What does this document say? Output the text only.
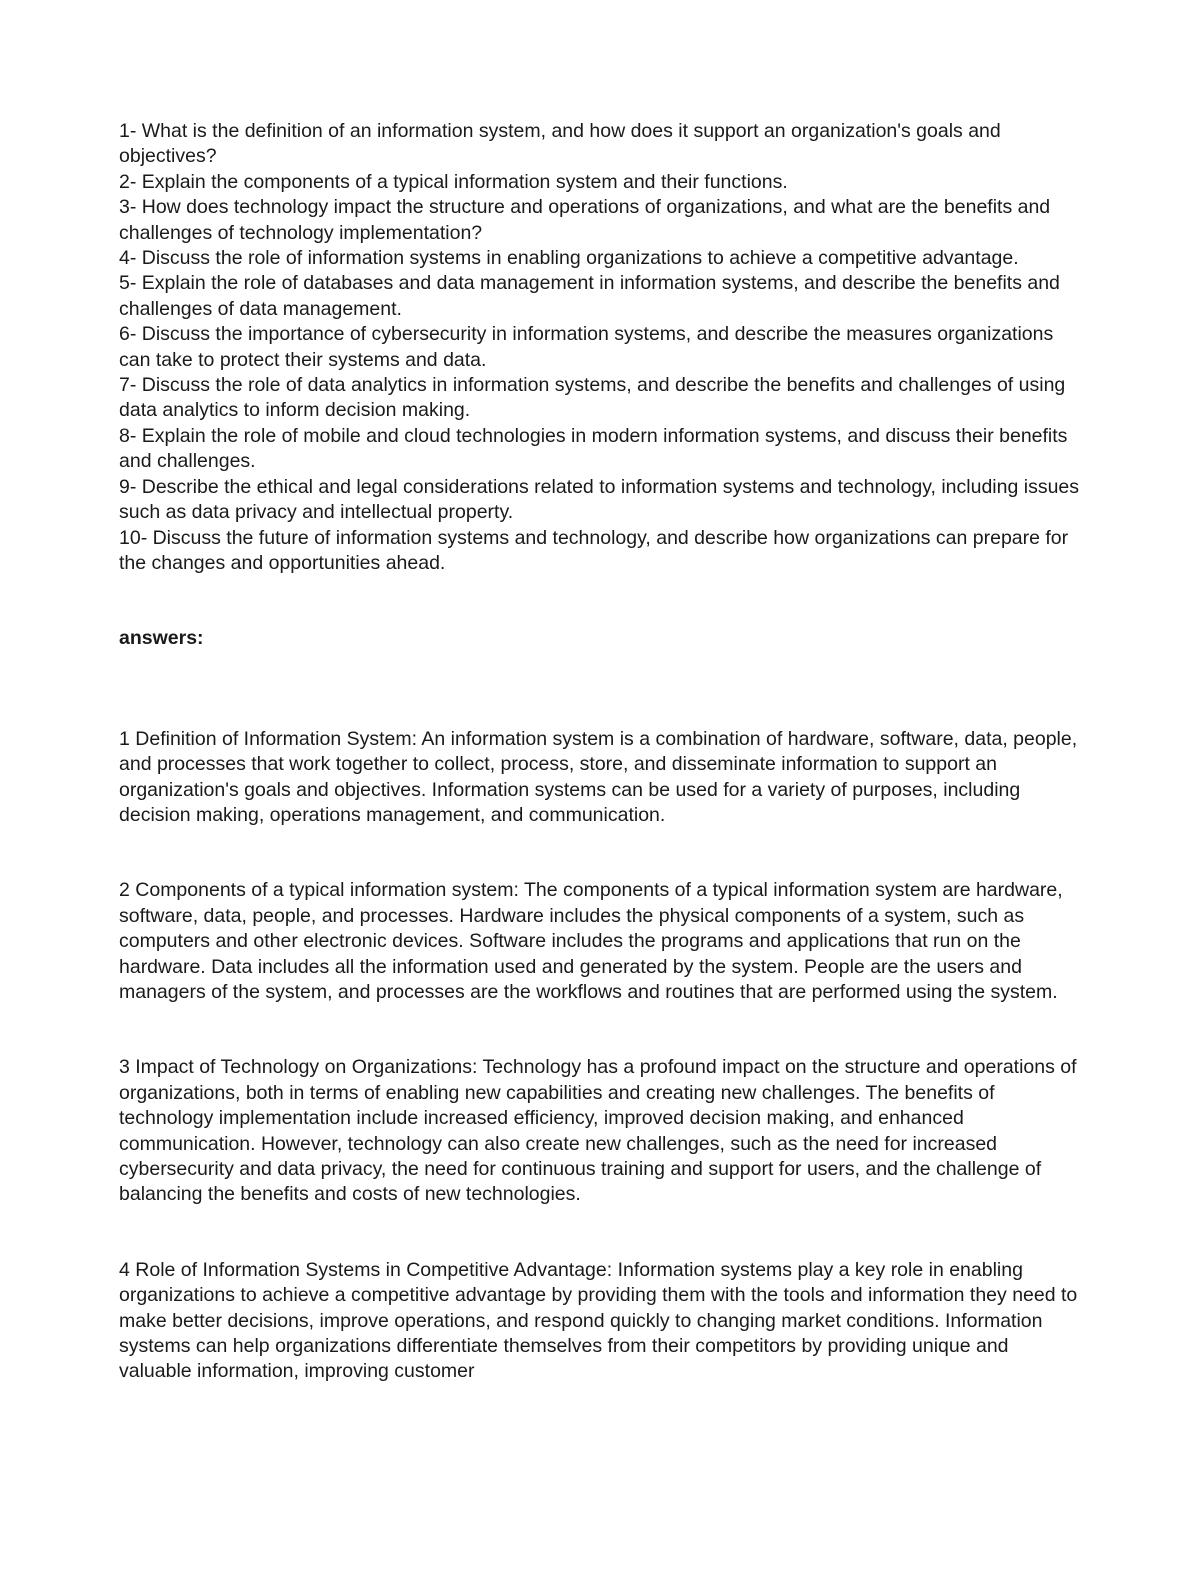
1- What is the definition of an information system, and how does it support an organization's goals and objectives?

2- Explain the components of a typical information system and their functions.

3- How does technology impact the structure and operations of organizations, and what are the benefits and challenges of technology implementation?

4- Discuss the role of information systems in enabling organizations to achieve a competitive advantage.

5- Explain the role of databases and data management in information systems, and describe the benefits and challenges of data management.

6- Discuss the importance of cybersecurity in information systems, and describe the measures organizations can take to protect their systems and data.

7- Discuss the role of data analytics in information systems, and describe the benefits and challenges of using data analytics to inform decision making.

8- Explain the role of mobile and cloud technologies in modern information systems, and discuss their benefits and challenges.

9- Describe the ethical and legal considerations related to information systems and technology, including issues such as data privacy and intellectual property.

10- Discuss the future of information systems and technology, and describe how organizations can prepare for the changes and opportunities ahead.

answers:

1 Definition of Information System: An information system is a combination of hardware, software, data, people, and processes that work together to collect, process, store, and disseminate information to support an organization's goals and objectives. Information systems can be used for a variety of purposes, including decision making, operations management, and communication.

2 Components of a typical information system: The components of a typical information system are hardware, software, data, people, and processes. Hardware includes the physical components of a system, such as computers and other electronic devices. Software includes the programs and applications that run on the hardware. Data includes all the information used and generated by the system. People are the users and managers of the system, and processes are the workflows and routines that are performed using the system.

3 Impact of Technology on Organizations: Technology has a profound impact on the structure and operations of organizations, both in terms of enabling new capabilities and creating new challenges. The benefits of technology implementation include increased efficiency, improved decision making, and enhanced communication. However, technology can also create new challenges, such as the need for increased cybersecurity and data privacy, the need for continuous training and support for users, and the challenge of balancing the benefits and costs of new technologies.

4 Role of Information Systems in Competitive Advantage: Information systems play a key role in enabling organizations to achieve a competitive advantage by providing them with the tools and information they need to make better decisions, improve operations, and respond quickly to changing market conditions. Information systems can help organizations differentiate themselves from their competitors by providing unique and valuable information, improving customer
